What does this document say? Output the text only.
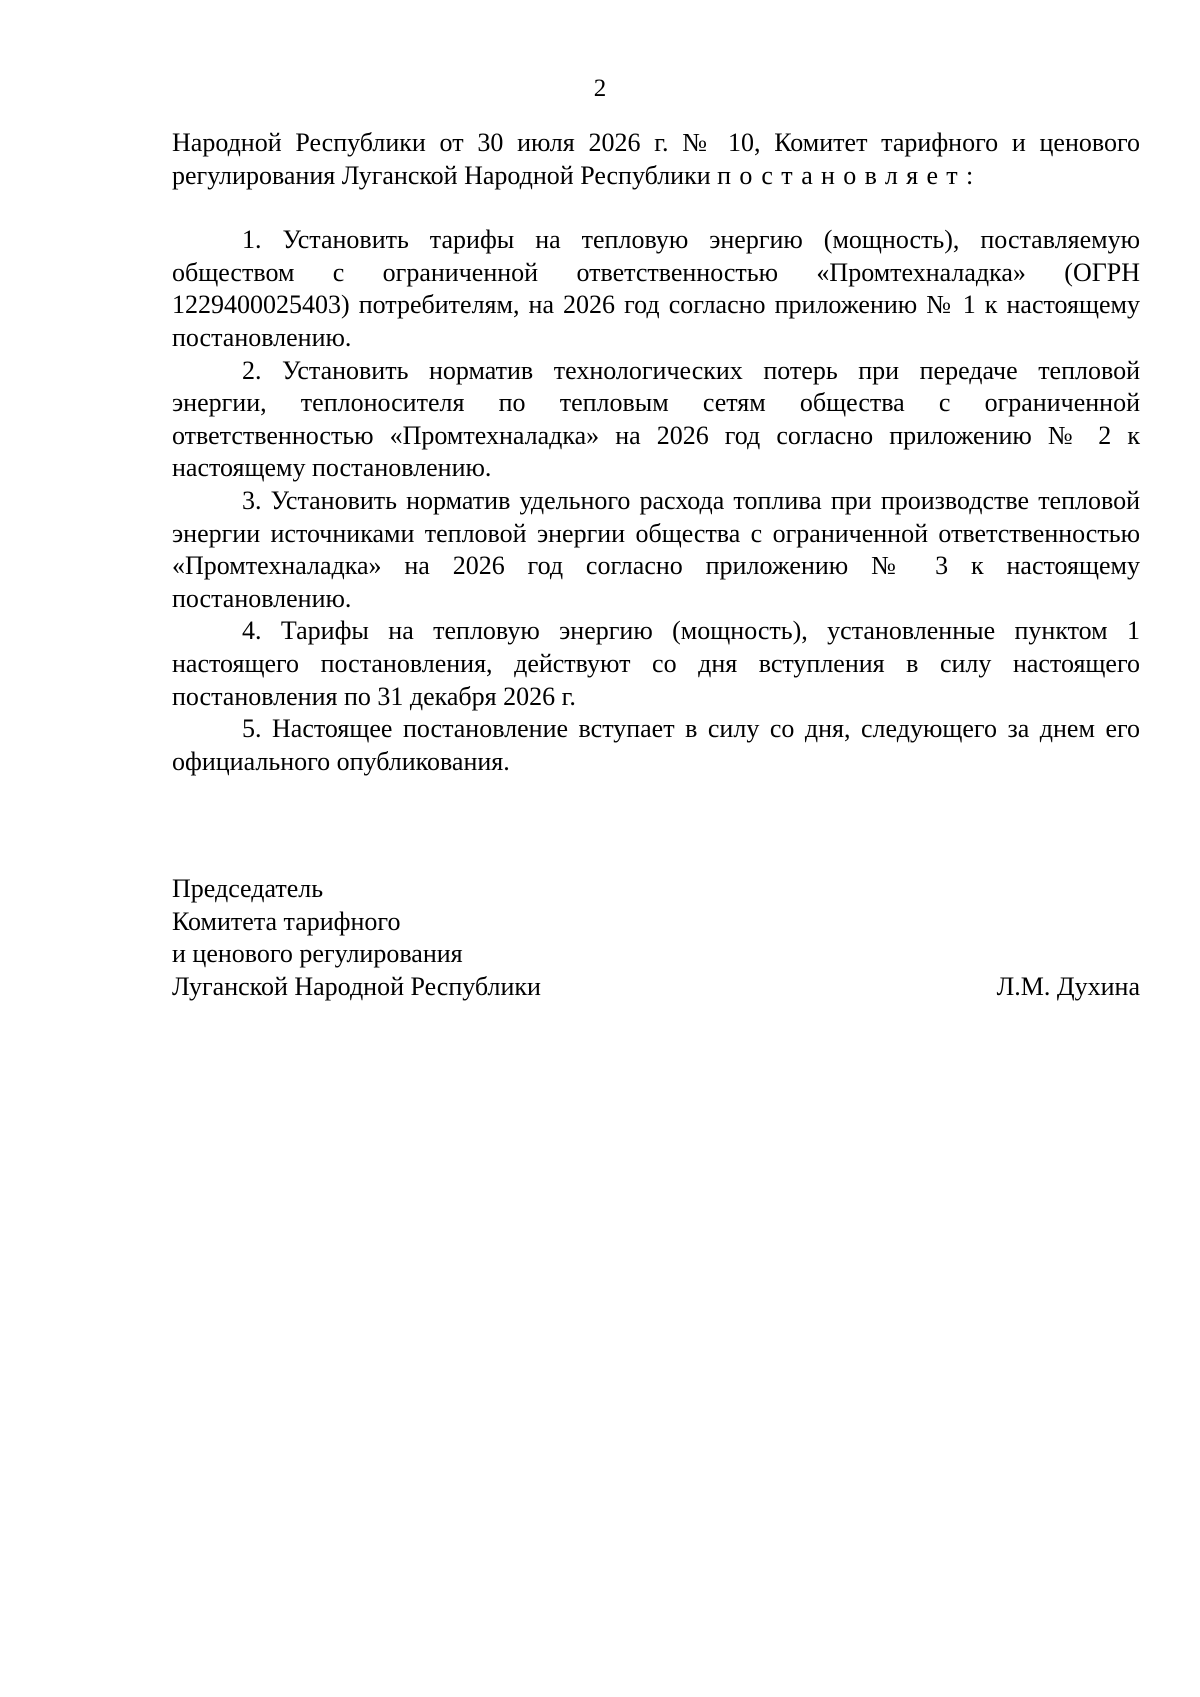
2

Народной Республики от 30 июля 2026 г. № 10, Комитет тарифного и ценового регулирования Луганской Народной Республики постановляет:

1. Установить тарифы на тепловую энергию (мощность), поставляемую обществом с ограниченной ответственностью «Промтехналадка» (ОГРН 1229400025403) потребителям, на 2026 год согласно приложению № 1 к настоящему постановлению.

2. Установить норматив технологических потерь при передаче тепловой энергии, теплоносителя по тепловым сетям общества с ограниченной ответственностью «Промтехналадка» на 2026 год согласно приложению № 2 к настоящему постановлению.

3. Установить норматив удельного расхода топлива при производстве тепловой энергии источниками тепловой энергии общества с ограниченной ответственностью «Промтехналадка» на 2026 год согласно приложению № 3 к настоящему постановлению.

4. Тарифы на тепловую энергию (мощность), установленные пунктом 1 настоящего постановления, действуют со дня вступления в силу настоящего постановления по 31 декабря 2026 г.

5. Настоящее постановление вступает в силу со дня, следующего за днем его официального опубликования.

Председатель
Комитета тарифного
и ценового регулирования
Луганской Народной Республики	Л.М. Духина
